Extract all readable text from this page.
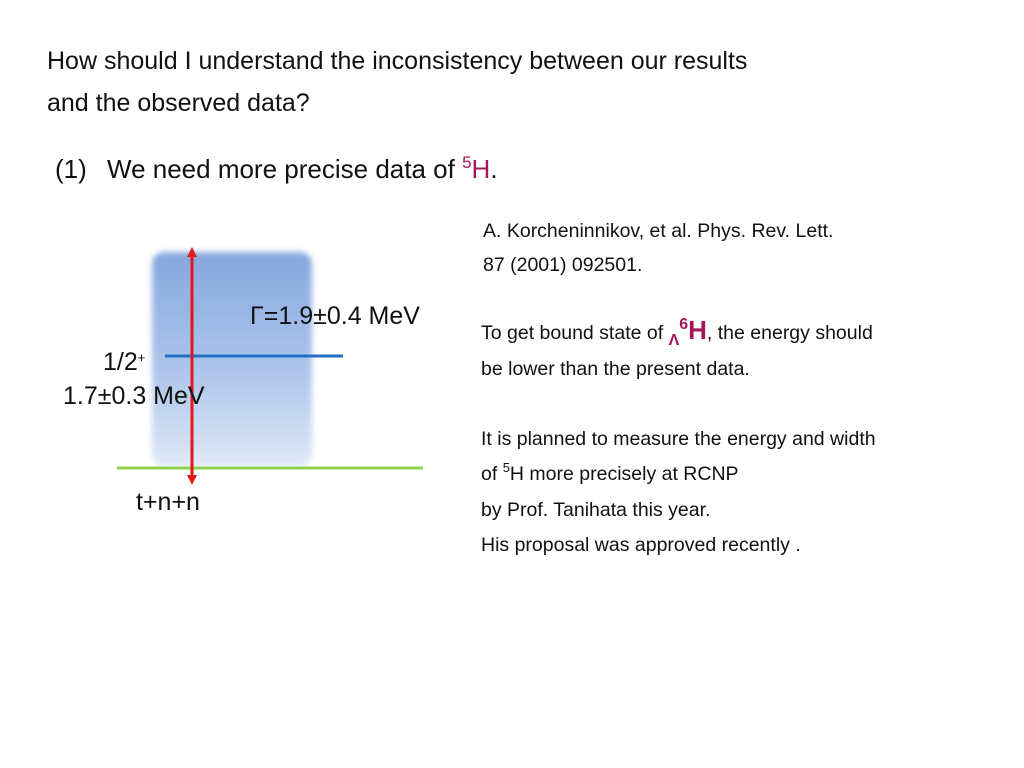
How should I understand the inconsistency between our results
and the observed data?
(1) We need more precise data of $^5$H.
A. Korcheninnikov, et al. Phys. Rev. Lett.
87 (2001) 092501.
Γ=1.9±0.4 MeV
1/2+
1.7±0.3 MeV
t+n+n
To get bound state of $_\Lambda^6$H, the energy should
be lower than the present data.
It is planned to measure the energy and width
of $^5$H more precisely at RCNP
by Prof. Tanihata this year.
His proposal was approved recently .
